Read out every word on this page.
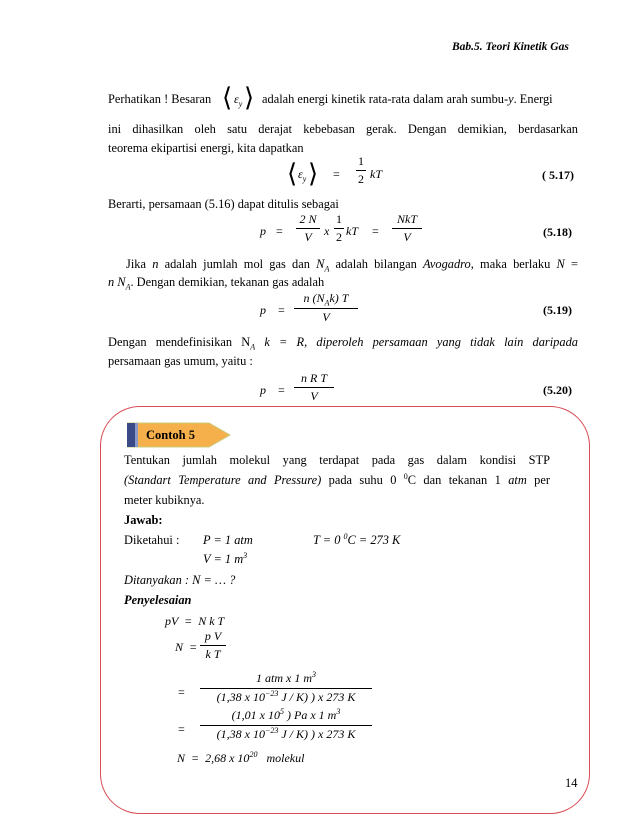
Bab.5. Teori Kinetik Gas
Perhatikan ! Besaran ⟨ $\varepsilon_y$ ⟩ adalah energi kinetik rata-rata dalam arah sumbu-y. Energi
ini dihasilkan oleh satu derajat kebebasan gerak. Dengan demikian, berdasarkan
teorema ekipartisi energi, kita dapatkan
⟨ $\varepsilon_y$ ⟩ =
1
2 kT	( 5.17)
Berarti, persamaan (5.16) dapat ditulis sebagai
p =
2 N
V	x
1
2 kT =
NkT
V	(5.18)
Jika n adalah jumlah mol gas dan $N_A$ adalah bilangan Avogadro, maka berlaku N =
n $N_A$. Dengan demikian, tekanan gas adalah
p =
n $(N_Ak)$ T
V	(5.19)
Dengan mendefinisikan $N_A$ k = R, diperoleh persamaan yang tidak lain daripada
persamaan gas umum, yaitu :
p =
n R T
V	(5.20)
Contoh 5
Tentukan jumlah molekul yang terdapat pada gas dalam kondisi STP
(Standart Temperature and Pressure) pada suhu 0 $^0$C dan tekanan 1 atm per
meter kubiknya.
Jawab:
Diketahui : P = 1 atm	T = 0 $^0$C = 273 K
V = 1 $m^3$
Ditanyakan : N = … ?
Penyelesaian
pV  =  N k T
N  =
p V
k T
=
1 atm x 1 $m^3$
(1,38 x $10^{-23}$ J / K) ) x 273 K
=
(1,01 x $10^5$ ) Pa x 1 $m^3$
(1,38 x $10^{-23}$ J / K) ) x 273 K
N  =  2,68 x $10^{20}$   molekul
14
